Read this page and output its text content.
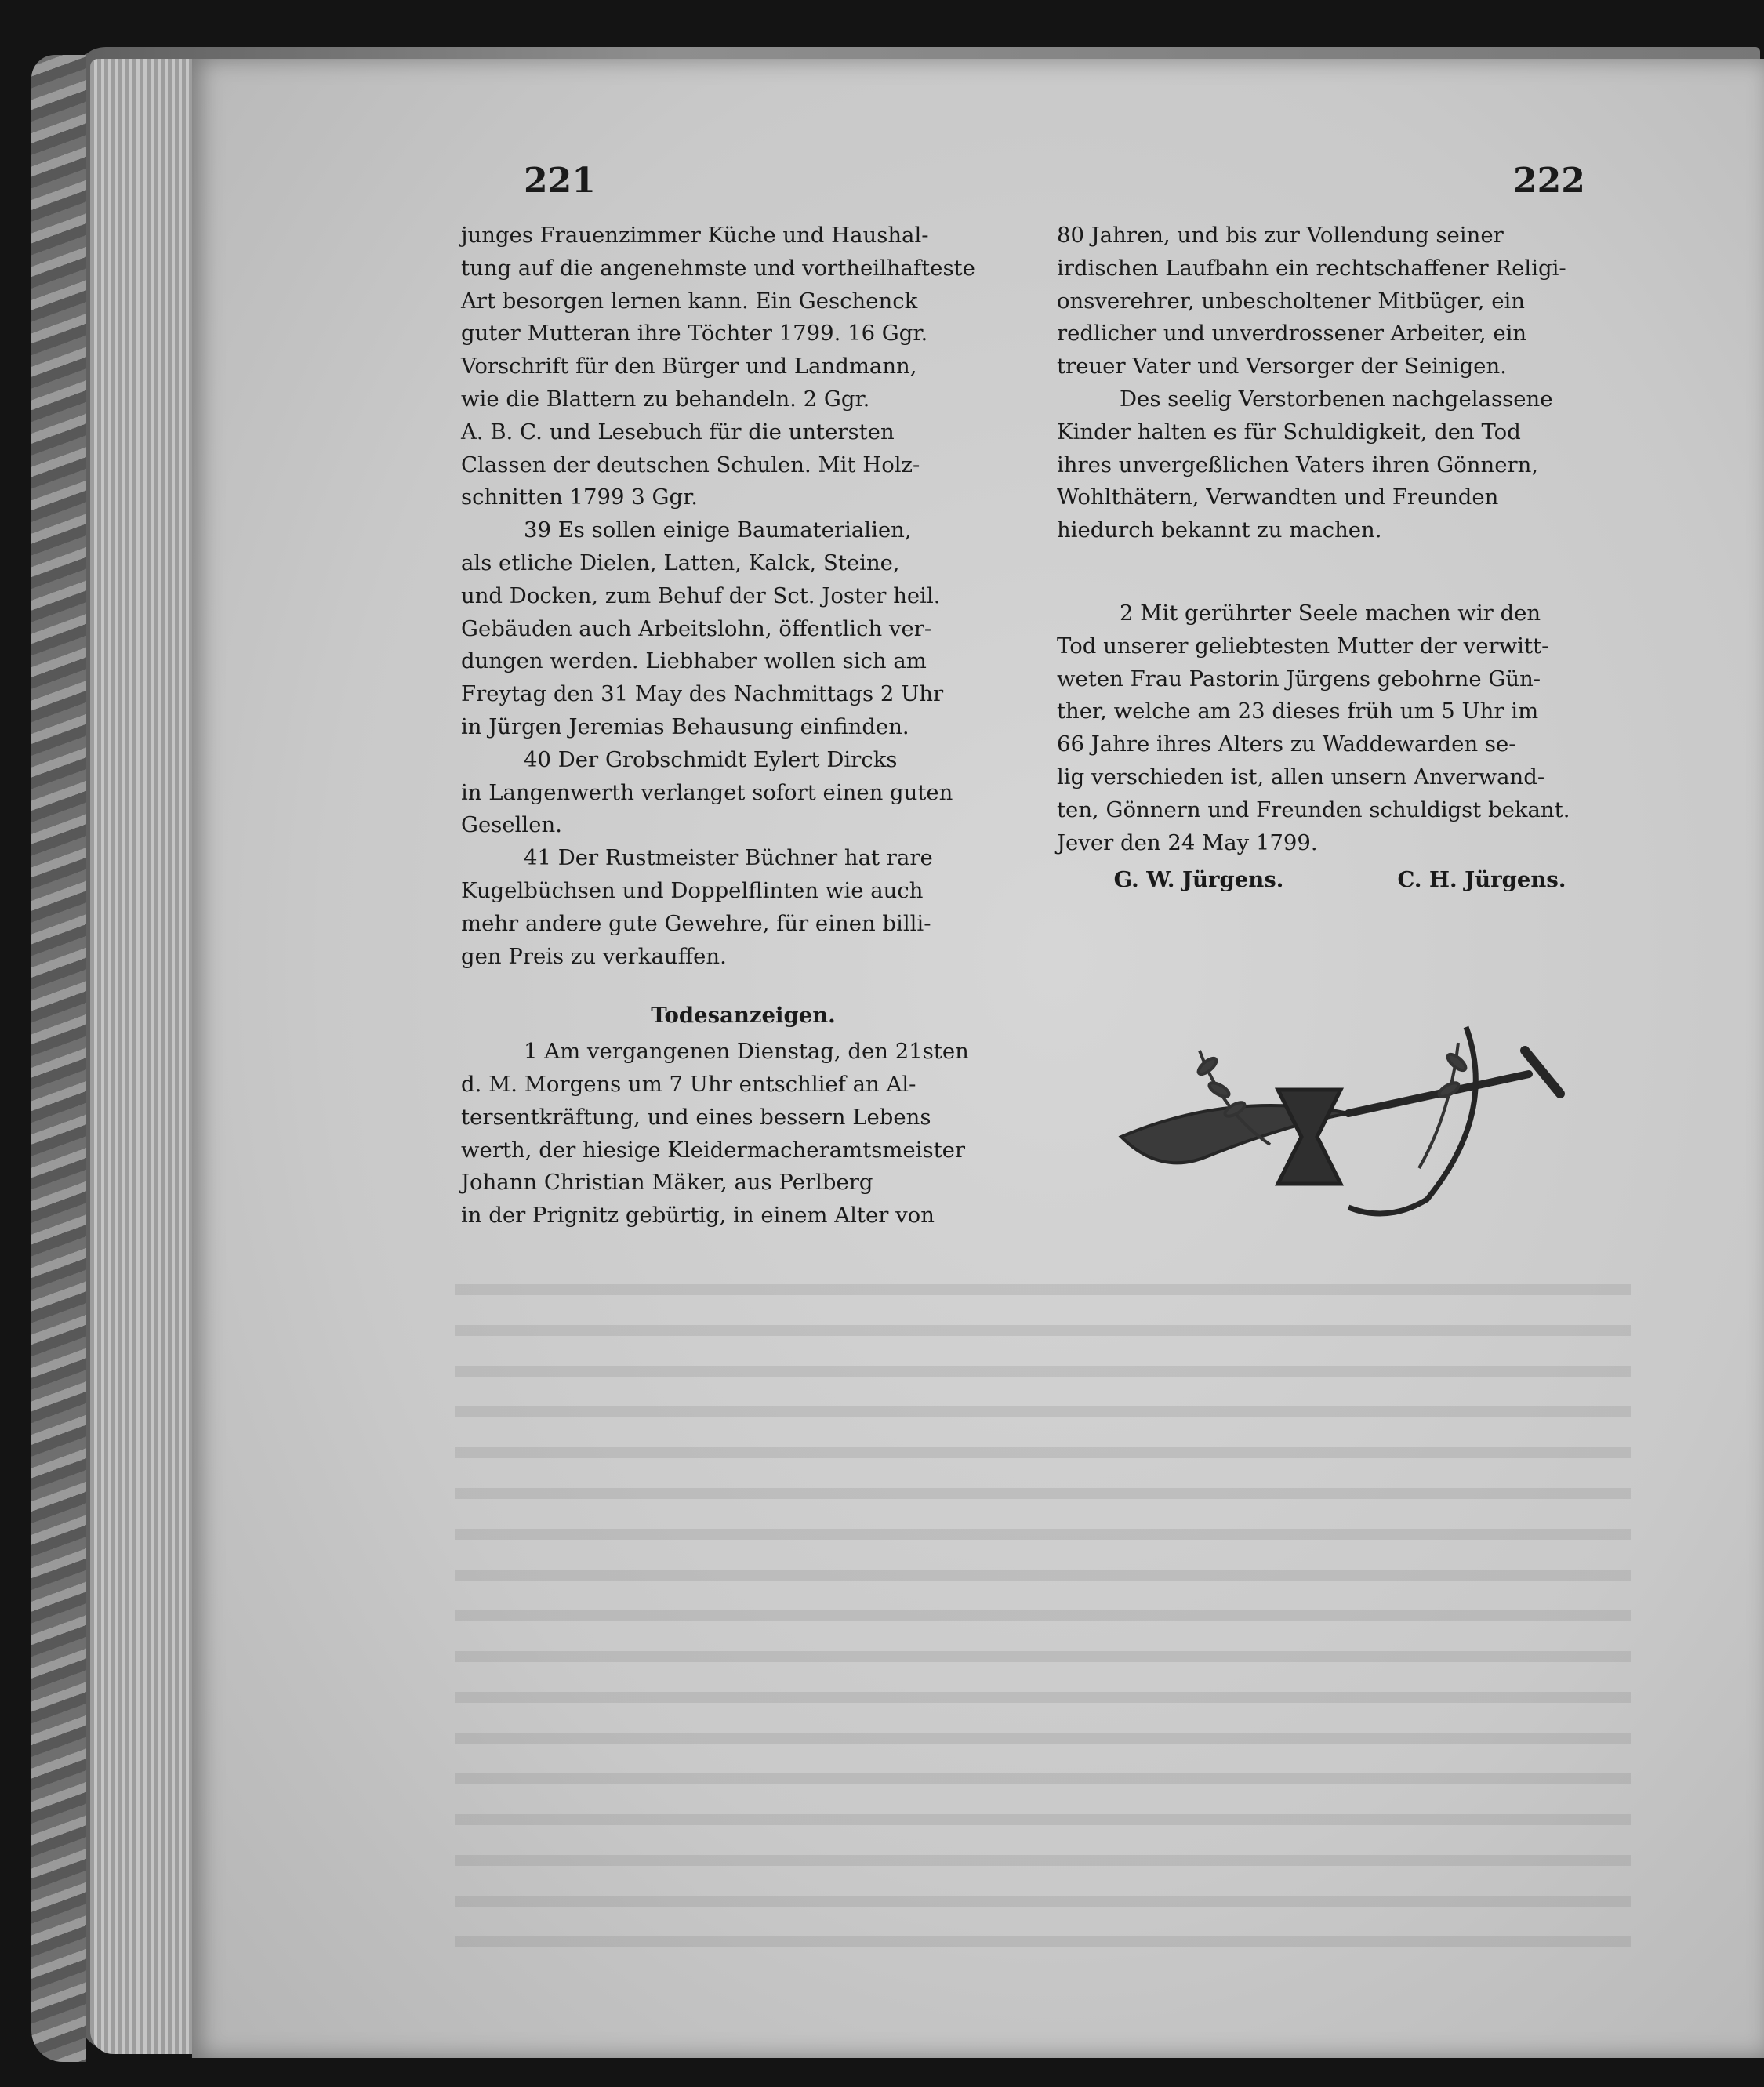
221	222

junges Frauenzimmer Küche und Haushal-

tung auf die angenehmste und vortheilhafteste

Art besorgen lernen kann. Ein Geschenck

guter Mutteran ihre Töchter 1799. 16 Ggr.

Vorschrift für den Bürger und Landmann,

wie die Blattern zu behandeln. 2 Ggr.

A. B. C. und Lesebuch für die untersten

Classen der deutschen Schulen. Mit Holz-

schnitten 1799 3 Ggr.

39 Es sollen einige Baumaterialien,

als etliche Dielen, Latten, Kalck, Steine,

und Docken, zum Behuf der Sct. Joster heil.

Gebäuden auch Arbeitslohn, öffentlich ver-

dungen werden. Liebhaber wollen sich am

Freytag den 31 May des Nachmittags 2 Uhr

in Jürgen Jeremias Behausung einfinden.

40 Der Grobschmidt Eylert Dircks

in Langenwerth verlanget sofort einen guten

Gesellen.

41 Der Rustmeister Büchner hat rare

Kugelbüchsen und Doppelflinten wie auch

mehr andere gute Gewehre, für einen billi-

gen Preis zu verkauffen.

Todesanzeigen.

1 Am vergangenen Dienstag, den 21sten

d. M. Morgens um 7 Uhr entschlief an Al-

tersentkräftung, und eines bessern Lebens

werth, der hiesige Kleidermacheramtsmeister

Johann Christian Mäker, aus Perlberg

in der Prignitz gebürtig, in einem Alter von

80 Jahren, und bis zur Vollendung seiner

irdischen Laufbahn ein rechtschaffener Religi-

onsverehrer, unbescholtener Mitbüger, ein

redlicher und unverdrossener Arbeiter, ein

treuer Vater und Versorger der Seinigen.

Des seelig Verstorbenen nachgelassene

Kinder halten es für Schuldigkeit, den Tod

ihres unvergeßlichen Vaters ihren Gönnern,

Wohlthätern, Verwandten und Freunden

hiedurch bekannt zu machen.

2 Mit gerührter Seele machen wir den

Tod unserer geliebtesten Mutter der verwitt-

weten Frau Pastorin Jürgens gebohrne Gün-

ther, welche am 23 dieses früh um 5 Uhr im

66 Jahre ihres Alters zu Waddewarden se-

lig verschieden ist, allen unsern Anverwand-

ten, Gönnern und Freunden schuldigst bekant.

Jever den 24 May 1799.

G. W. Jürgens.	C. H. Jürgens.
